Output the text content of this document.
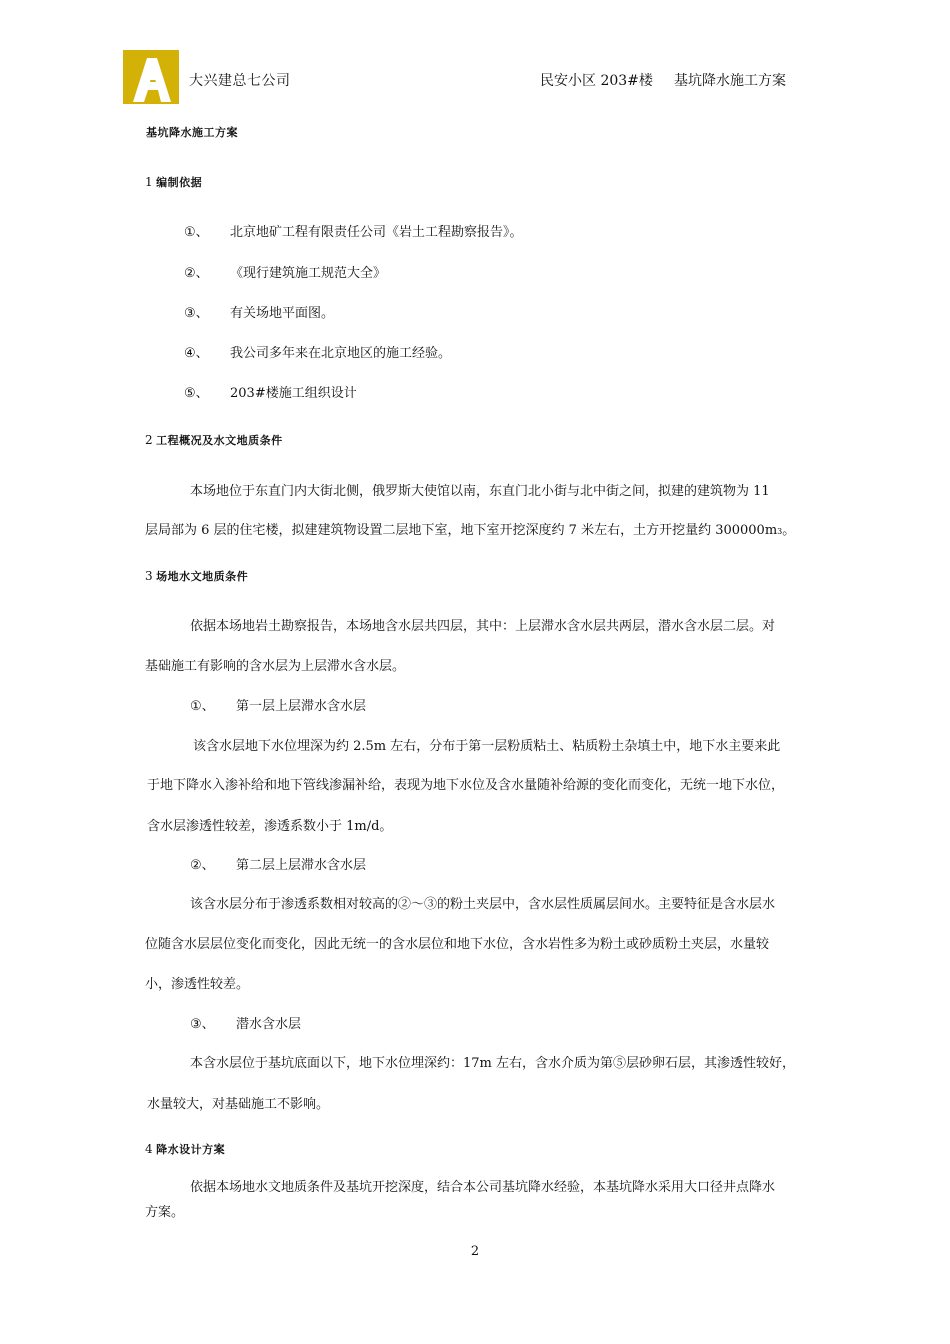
大兴建总七公司	民安小区 203#楼 基坑降水施工方案
基坑降水施工方案
1 编制依据
①、 北京地矿工程有限责任公司《岩土工程勘察报告》。
②、 《现行建筑施工规范大全》
③、 有关场地平面图。
④、 我公司多年来在北京地区的施工经验。
⑤、 203#楼施工组织设计
2 工程概况及水文地质条件
本场地位于东直门内大街北侧，俄罗斯大使馆以南，东直门北小街与北中街之间，拟建的建筑物为 11
层局部为 6 层的住宅楼，拟建建筑物设置二层地下室，地下室开挖深度约 7 米左右，土方开挖量约 300000m3。
3 场地水文地质条件
依据本场地岩土勘察报告，本场地含水层共四层，其中：上层滞水含水层共两层，潜水含水层二层。对
基础施工有影响的含水层为上层滞水含水层。
①、 第一层上层滞水含水层
该含水层地下水位埋深为约 2.5m 左右，分布于第一层粉质粘土、粘质粉土杂填土中，地下水主要来此
于地下降水入渗补给和地下管线渗漏补给，表现为地下水位及含水量随补给源的变化而变化，无统一地下水位，
含水层渗透性较差，渗透系数小于 1m/d。
②、 第二层上层滞水含水层
该含水层分布于渗透系数相对较高的②～③的粉土夹层中，含水层性质属层间水。主要特征是含水层水
位随含水层层位变化而变化，因此无统一的含水层位和地下水位，含水岩性多为粉土或砂质粉土夹层，水量较
小，渗透性较差。
③、 潜水含水层
本含水层位于基坑底面以下，地下水位埋深约：17m 左右，含水介质为第⑤层砂卵石层，其渗透性较好，
水量较大，对基础施工不影响。
4 降水设计方案
依据本场地水文地质条件及基坑开挖深度，结合本公司基坑降水经验，本基坑降水采用大口径井点降水
方案。
2
